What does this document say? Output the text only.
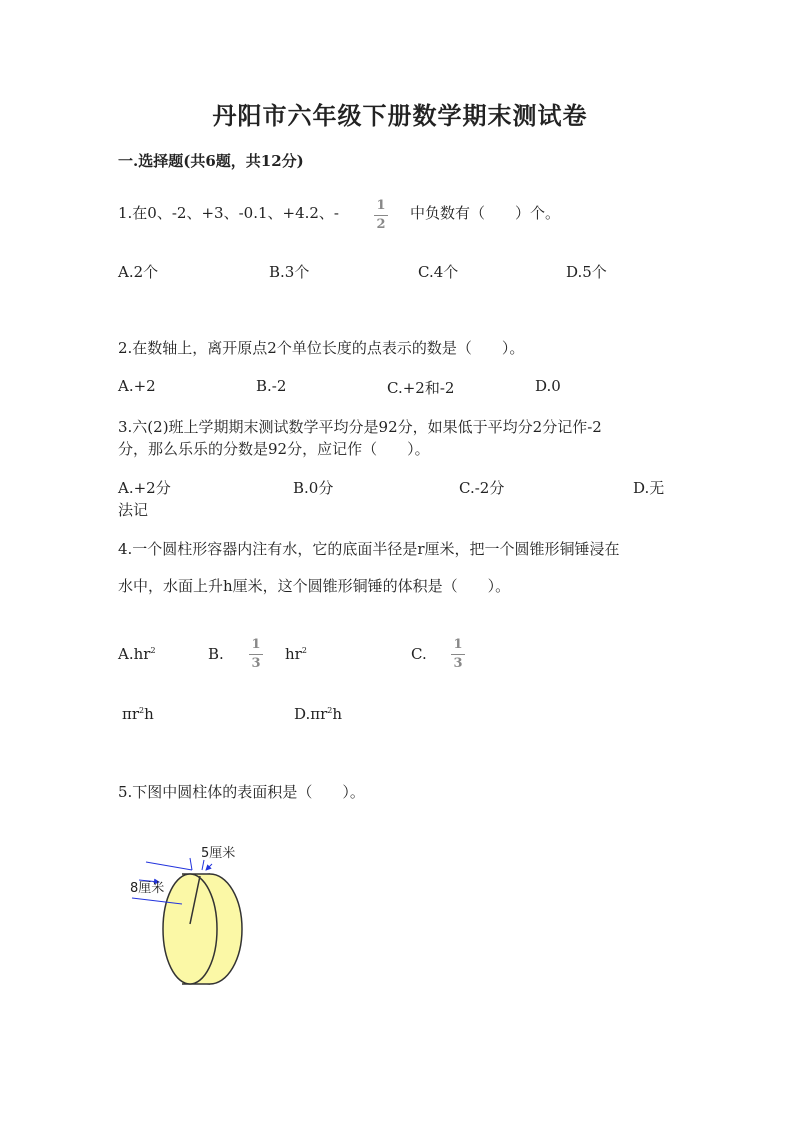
丹阳市六年级下册数学期末测试卷
一.选择题(共6题，共12分)
1.在0、-2、+3、-0.1、+4.2、-	1
2
中负数有（　　）个。
A.2个	B.3个	C.4个	D.5个
2.在数轴上，离开原点2个单位长度的点表示的数是（　　）。
A.+2	B.-2	C.+2和-2	D.0
3.六(2)班上学期期末测试数学平均分是92分，如果低于平均分2分记作-2
分，那么乐乐的分数是92分，应记作（　　）。
A.+2分	B.0分	C.-2分	D.无
法记
4.一个圆柱形容器内注有水，它的底面半径是r厘米，把一个圆锥形铜锤浸在
水中，水面上升h厘米，这个圆锥形铜锤的体积是（　　）。
$A.hr^2$	B.
1
3
$hr^2$	C.
1
3
$\pi r^2h$	$D.\pi r^2h$
5.下图中圆柱体的表面积是（　　）。
5厘米
8厘米
